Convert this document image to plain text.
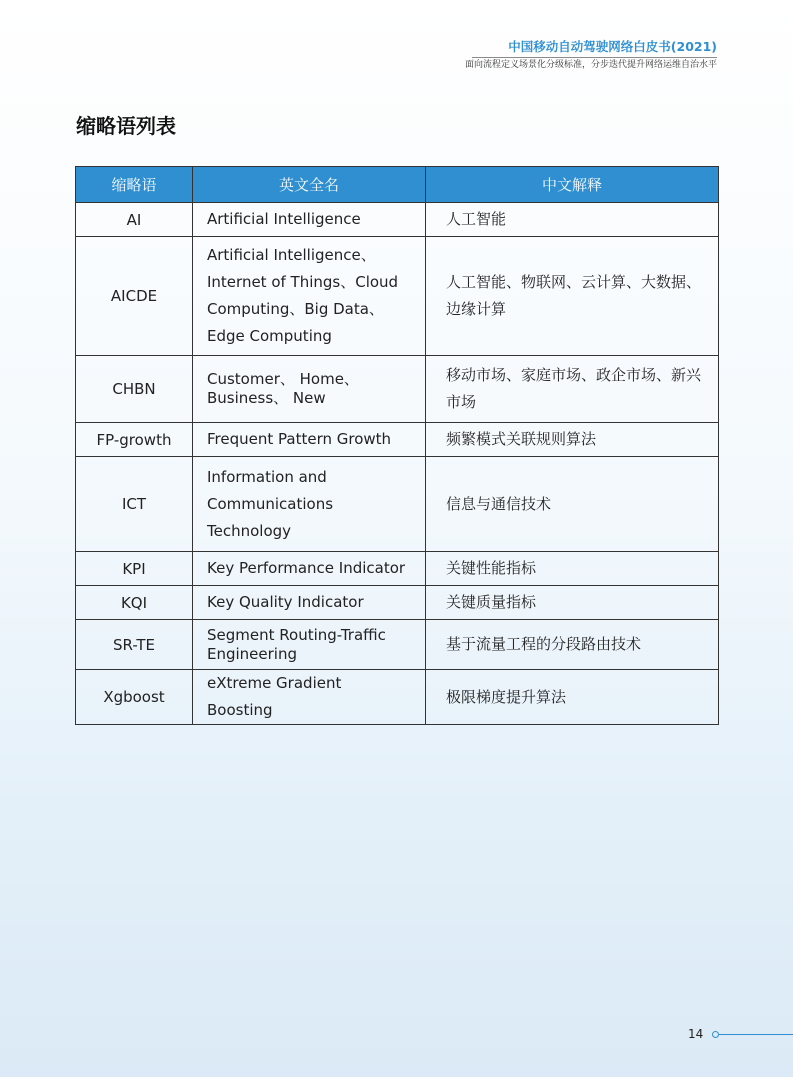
中国移动自动驾驶网络白皮书(2021)
面向流程定义场景化分级标准，分步迭代提升网络运维自治水平
缩略语列表
缩略语	英文全名	中文解释
AI	Artificial Intelligence	人工智能
AICDE	Artificial Intelligence、Internet of Things、Cloud Computing、Big Data、Edge Computing	人工智能、物联网、云计算、大数据、边缘计算
CHBN	Customer、 Home、 Business、 New	移动市场、家庭市场、政企市场、新兴市场
FP-growth	Frequent Pattern Growth	频繁模式关联规则算法
ICT	Information and Communications Technology	信息与通信技术
KPI	Key Performance Indicator	关键性能指标
KQI	Key Quality Indicator	关键质量指标
SR-TE	Segment Routing-Traffic Engineering	基于流量工程的分段路由技术
Xgboost	eXtreme Gradient Boosting	极限梯度提升算法
14
